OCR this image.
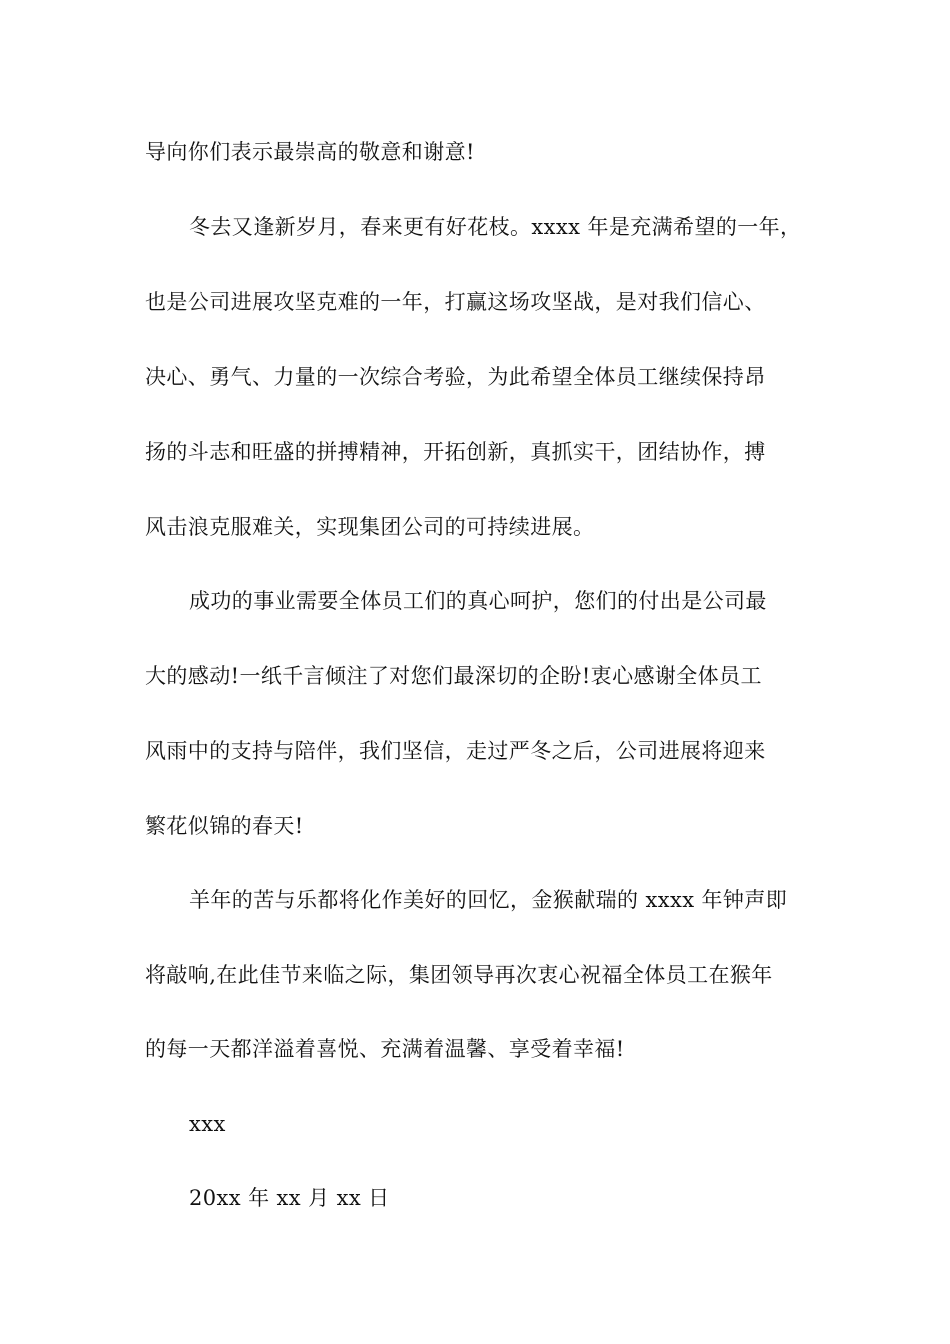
导向你们表示最崇高的敬意和谢意!
冬去又逢新岁月，春来更有好花枝。xxxx 年是充满希望的一年，
也是公司进展攻坚克难的一年，打赢这场攻坚战，是对我们信心、
决心、勇气、力量的一次综合考验，为此希望全体员工继续保持昂
扬的斗志和旺盛的拼搏精神，开拓创新，真抓实干，团结协作，搏
风击浪克服难关，实现集团公司的可持续进展。
成功的事业需要全体员工们的真心呵护，您们的付出是公司最
大的感动!一纸千言倾注了对您们最深切的企盼!衷心感谢全体员工
风雨中的支持与陪伴，我们坚信，走过严冬之后，公司进展将迎来
繁花似锦的春天!
羊年的苦与乐都将化作美好的回忆，金猴献瑞的 xxxx 年钟声即
将敲响,在此佳节来临之际，集团领导再次衷心祝福全体员工在猴年
的每一天都洋溢着喜悦、充满着温馨、享受着幸福!
xxx
20xx 年 xx 月 xx 日
